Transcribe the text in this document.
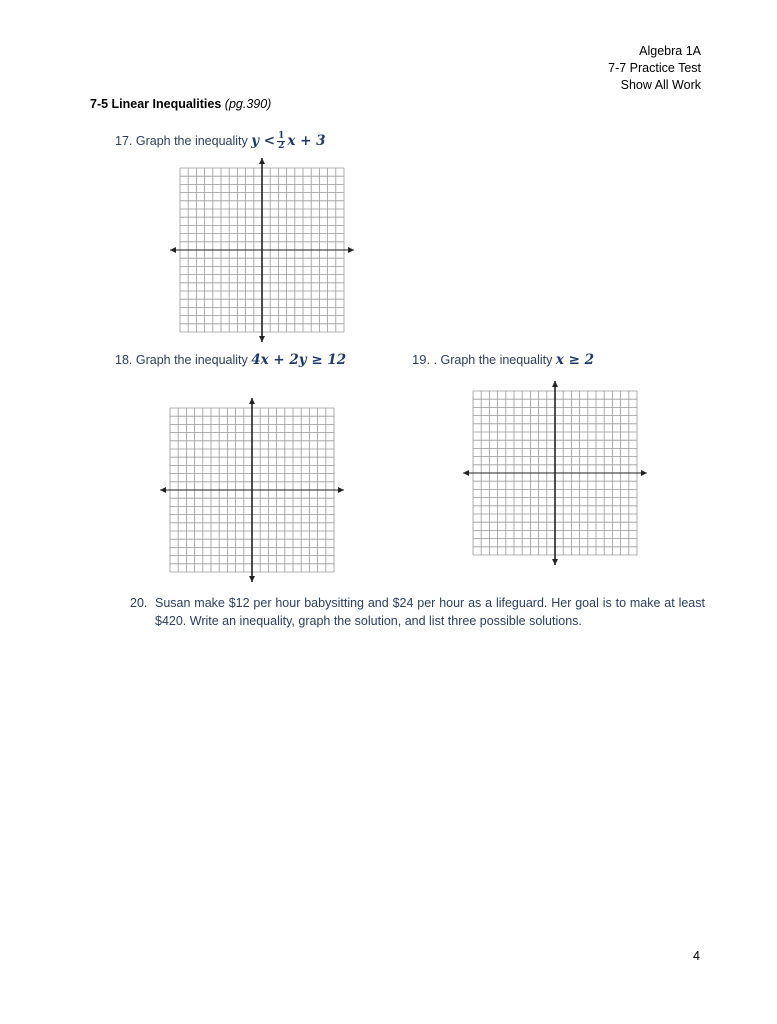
Algebra 1A
7-7 Practice Test
Show All Work
7-5 Linear Inequalities (pg.390)
17. Graph the inequality $y < \frac{1}{2}$ x + 3
18. Graph the inequality 4x + 2y ≥ 12	19. . Graph the inequality x ≥ 2
20. Susan make $12 per hour babysitting and $24 per hour as a lifeguard. Her goal is to make at least $420. Write an inequality, graph the solution, and list three possible solutions.
4
